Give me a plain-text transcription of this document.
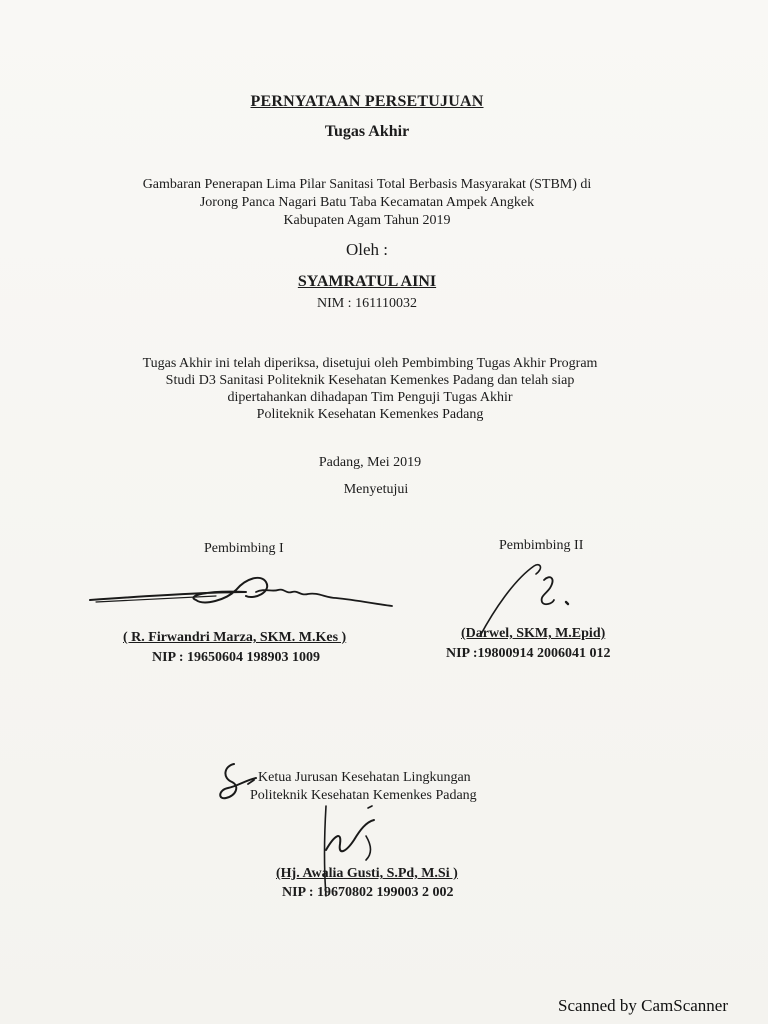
PERNYATAAN PERSETUJUAN
Tugas Akhir
Gambaran Penerapan Lima Pilar Sanitasi Total Berbasis Masyarakat (STBM) di
Jorong Panca Nagari Batu Taba Kecamatan Ampek Angkek
Kabupaten Agam Tahun 2019
Oleh :
SYAMRATUL AINI
NIM : 161110032
Tugas Akhir ini telah diperiksa, disetujui oleh Pembimbing Tugas Akhir Program
Studi D3 Sanitasi Politeknik Kesehatan Kemenkes Padang dan telah siap
dipertahankan dihadapan Tim Penguji Tugas Akhir
Politeknik Kesehatan Kemenkes Padang
Padang, Mei 2019
Menyetujui
Pembimbing I
( R. Firwandri Marza, SKM. M.Kes )
NIP : 19650604 198903 1009
Pembimbing II
(Darwel, SKM, M.Epid)
NIP :19800914 2006041 012
Ketua Jurusan Kesehatan Lingkungan
Politeknik Kesehatan Kemenkes Padang
(Hj. Awalia Gusti, S.Pd, M.Si )
NIP : 19670802 199003 2 002
Scanned by CamScanner
